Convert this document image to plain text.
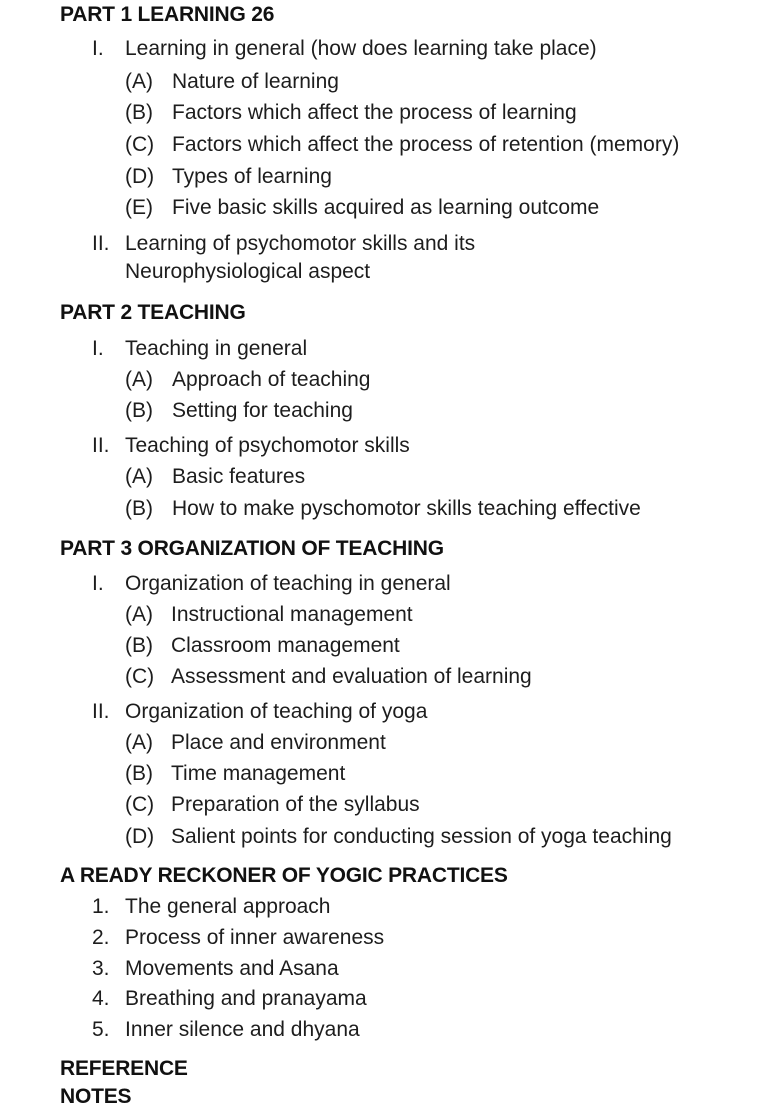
PART 1 LEARNING 26
I. Learning in general (how does learning take place)
(A) Nature of learning
(B) Factors which affect the process of learning
(C) Factors which affect the process of retention (memory)
(D) Types of learning
(E) Five basic skills acquired as learning outcome
II. Learning of psychomotor skills and its
Neurophysiological aspect
PART 2 TEACHING
I. Teaching in general
(A) Approach of teaching
(B) Setting for teaching
II. Teaching of psychomotor skills
(A) Basic features
(B) How to make pyschomotor skills teaching effective
PART 3 ORGANIZATION OF TEACHING
I. Organization of teaching in general
(A) Instructional management
(B) Classroom management
(C) Assessment and evaluation of learning
II. Organization of teaching of yoga
(A) Place and environment
(B) Time management
(C) Preparation of the syllabus
(D) Salient points for conducting session of yoga teaching
A READY RECKONER OF YOGIC PRACTICES
1. The general approach
2. Process of inner awareness
3. Movements and Asana
4. Breathing and pranayama
5. Inner silence and dhyana
REFERENCE
NOTES
